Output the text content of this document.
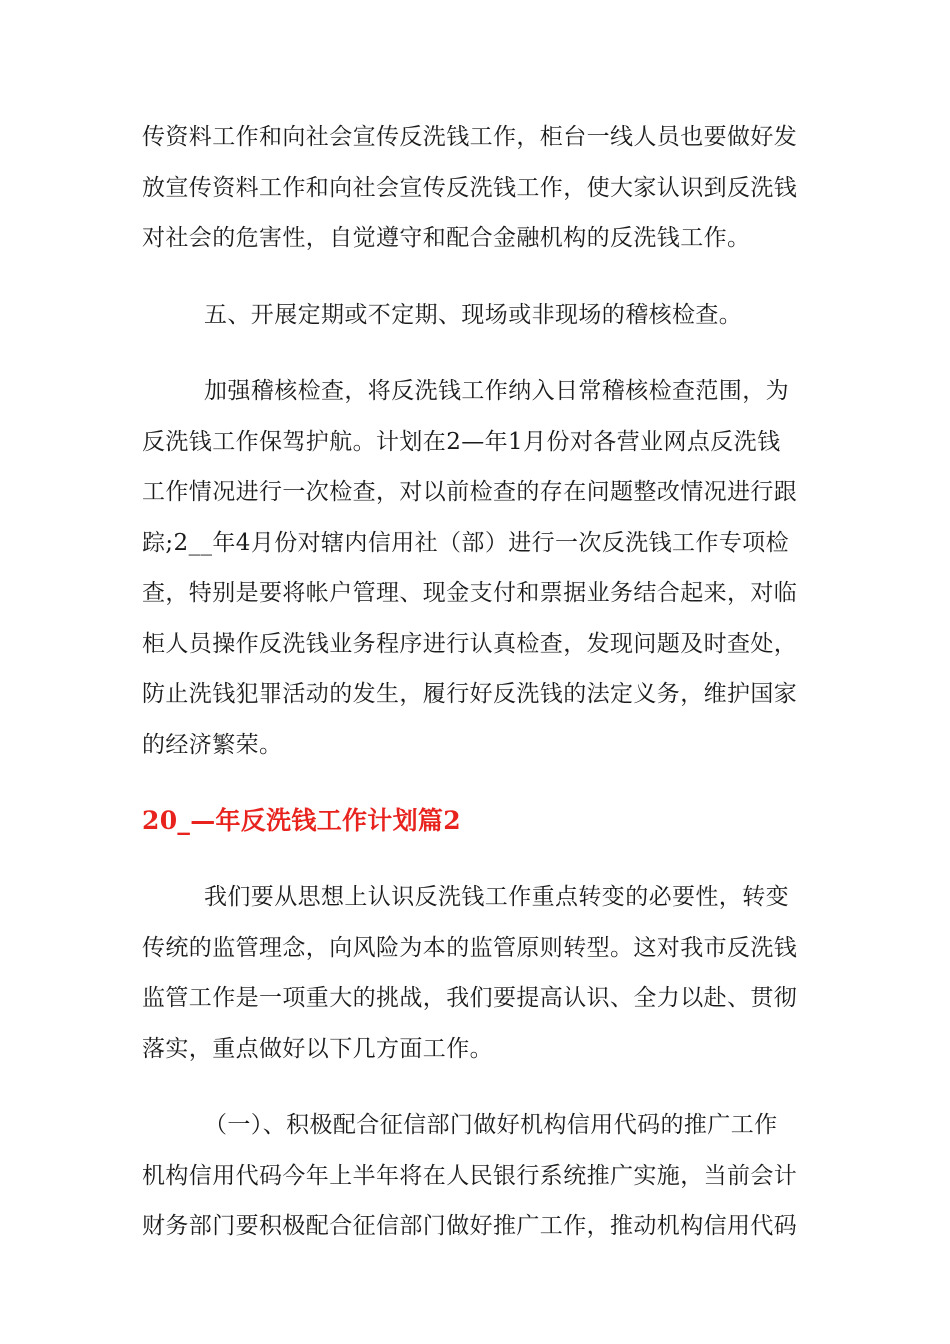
传资料工作和向社会宣传反洗钱工作，柜台一线人员也要做好发
放宣传资料工作和向社会宣传反洗钱工作，使大家认识到反洗钱
对社会的危害性，自觉遵守和配合金融机构的反洗钱工作。

五、开展定期或不定期、现场或非现场的稽核检查。

加强稽核检查，将反洗钱工作纳入日常稽核检查范围，为
反洗钱工作保驾护航。计划在2—年1月份对各营业网点反洗钱
工作情况进行一次检查，对以前检查的存在问题整改情况进行跟
踪;2__年4月份对辖内信用社（部）进行一次反洗钱工作专项检
查，特别是要将帐户管理、现金支付和票据业务结合起来，对临
柜人员操作反洗钱业务程序进行认真检查，发现问题及时查处，
防止洗钱犯罪活动的发生，履行好反洗钱的法定义务，维护国家
的经济繁荣。

20_—年反洗钱工作计划篇2

我们要从思想上认识反洗钱工作重点转变的必要性，转变
传统的监管理念，向风险为本的监管原则转型。这对我市反洗钱
监管工作是一项重大的挑战，我们要提高认识、全力以赴、贯彻
落实，重点做好以下几方面工作。

（一）、积极配合征信部门做好机构信用代码的推广工作
机构信用代码今年上半年将在人民银行系统推广实施，当前会计
财务部门要积极配合征信部门做好推广工作，推动机构信用代码
